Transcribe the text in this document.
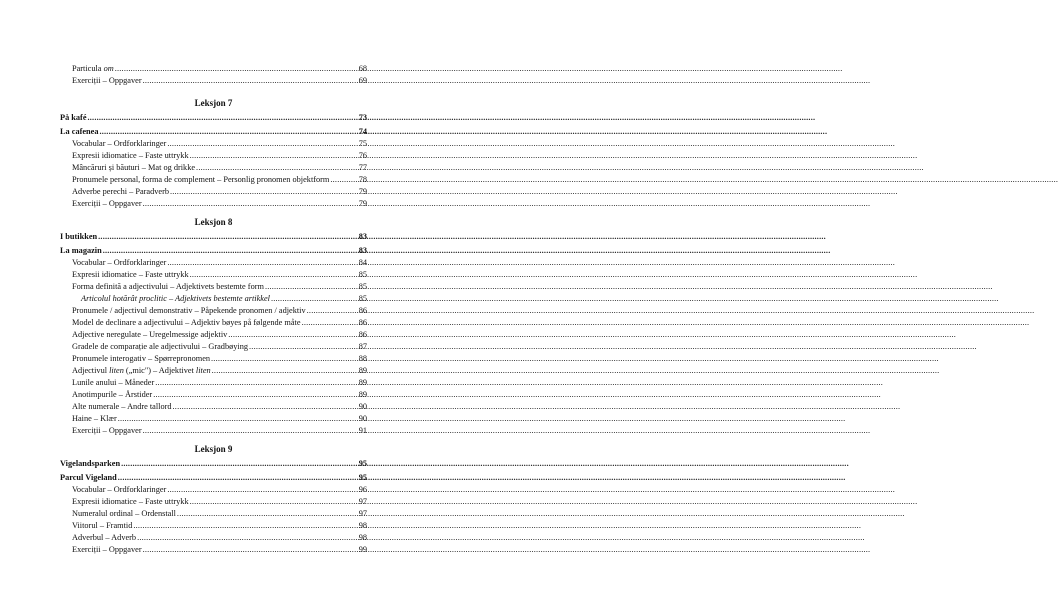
Particula om .....	68
Exerciții – Oppgaver .....	69
Leksjon 7
På kafé .....	73
La cafenea .....	74
Vocabular – Ordforklaringer .....	75
Expresii idiomatice – Faste uttrykk .....	76
Mâncăruri și băuturi – Mat og drikke .....	77
Pronumele personal, forma de complement – Personlig pronomen objektform .....	78
Adverbe perechi – Paradverb .....	79
Exerciții – Oppgaver .....	79
Leksjon 8
I butikken .....	83
La magazin .....	83
Vocabular – Ordforklaringer .....	84
Expresii idiomatice – Faste uttrykk .....	85
Forma definită a adjectivului – Adjektivets bestemte form .....	85
Articolul hotărât proclitic – Adjektivets bestemte artikkel .....	85
Pronumele / adjectivul demonstrativ – Påpekende pronomen / adjektiv .....	86
Model de declinare a adjectivului – Adjektiv bøyes på følgende måte .....	86
Adjective neregulate – Uregelmessige adjektiv .....	86
Gradele de comparație ale adjectivului – Gradbøying .....	87
Pronumele interogativ – Spørrepronomen .....	88
Adjectivul liten („mic") – Adjektivet liten .....	89
Lunile anului – Måneder .....	89
Anotimpurile – Årstider .....	89
Alte numerale – Andre tallord .....	90
Haine – Klær .....	90
Exerciții – Oppgaver .....	91
Leksjon 9
Vigelandsparken .....	95
Parcul Vigeland .....	95
Vocabular – Ordforklaringer .....	96
Expresii idiomatice – Faste uttrykk .....	97
Numeralul ordinal – Ordenstall .....	97
Viitorul – Framtid .....	98
Adverbul – Adverb .....	98
Exerciții – Oppgaver .....	99
